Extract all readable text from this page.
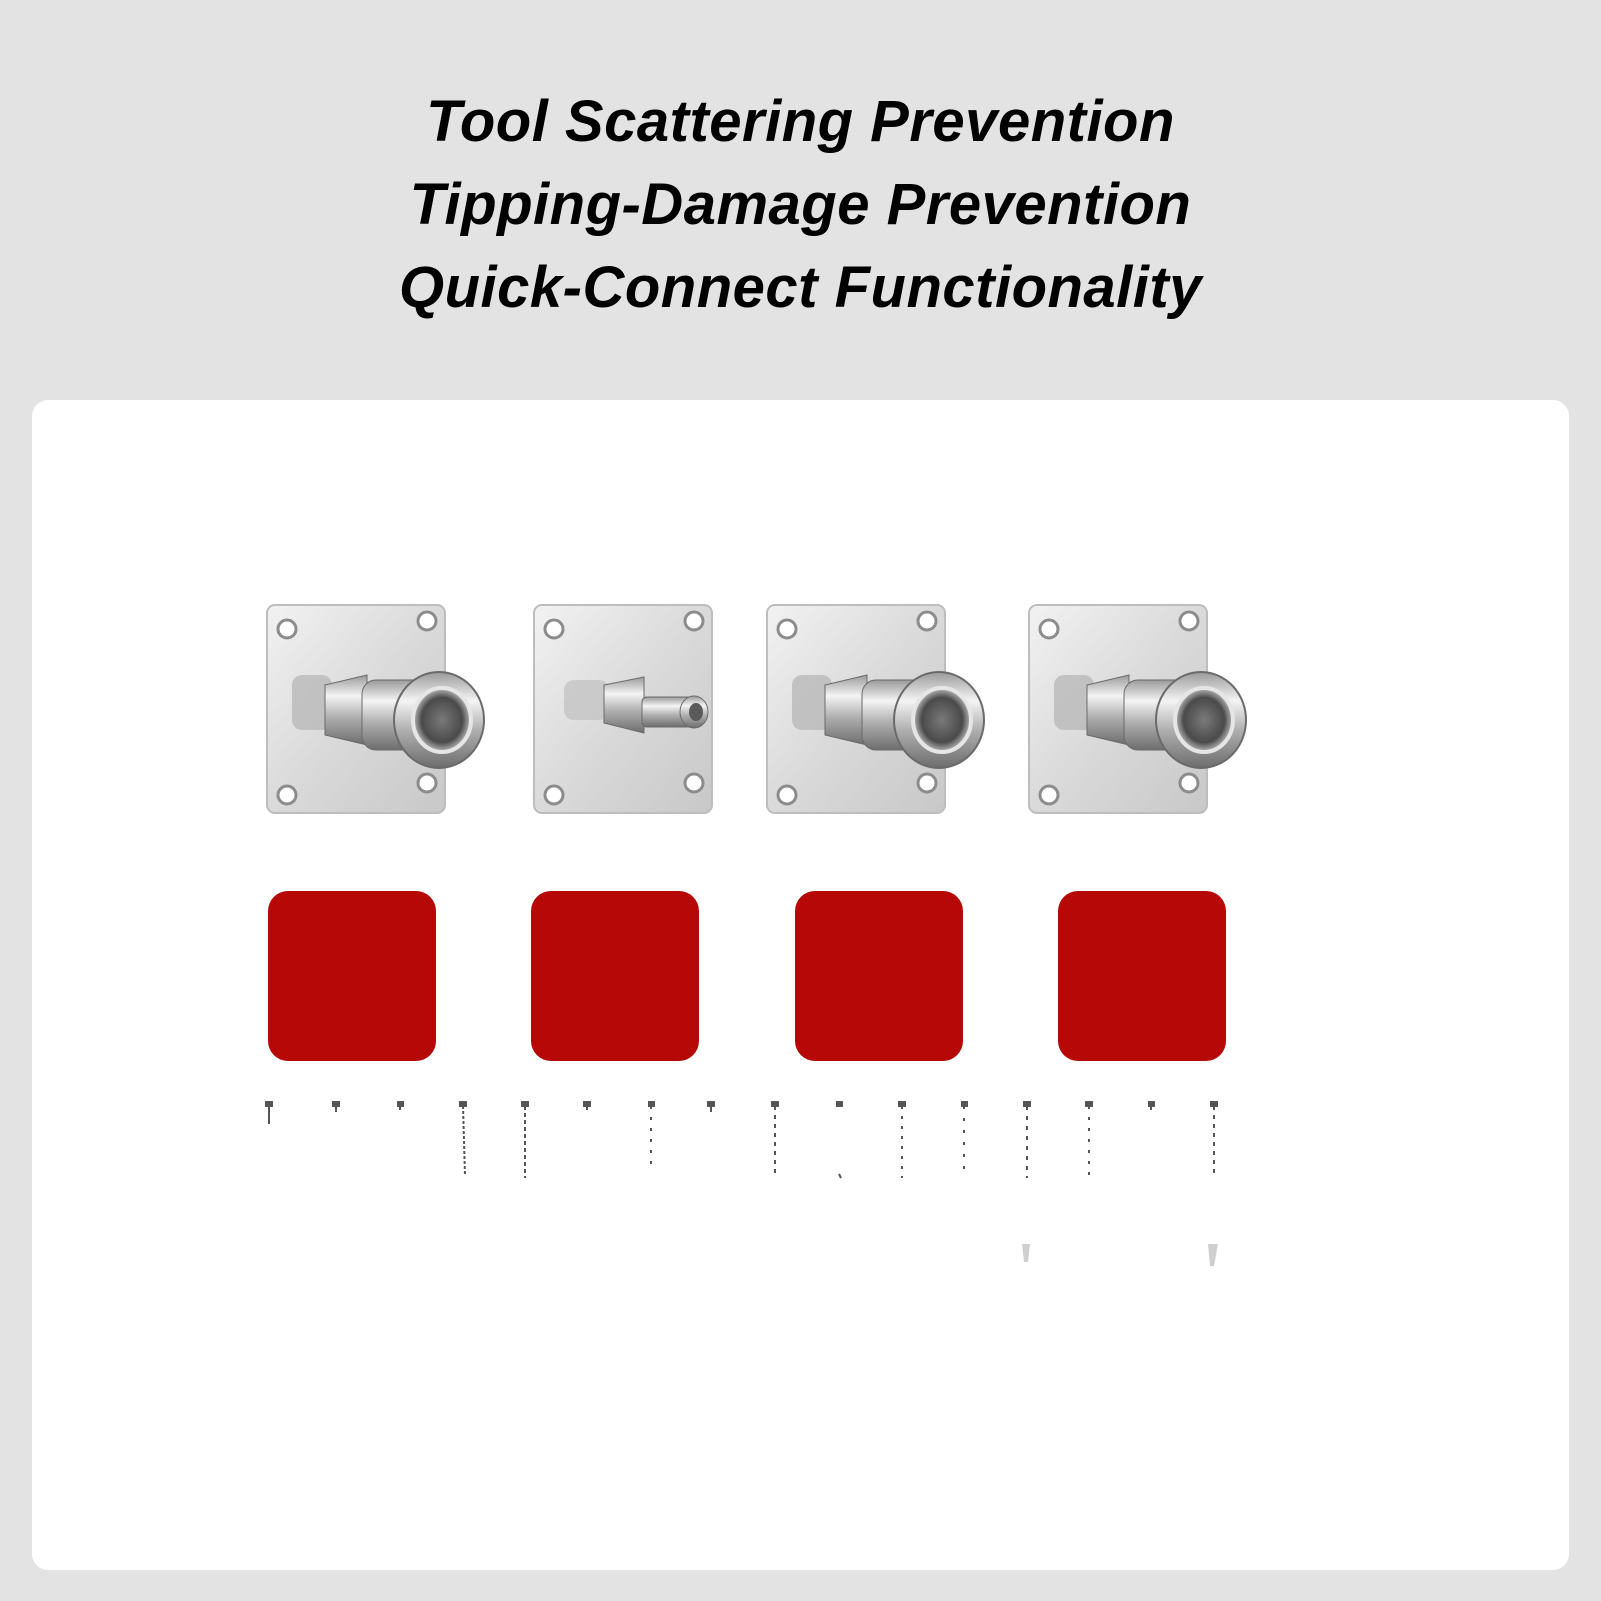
Tool Scattering Prevention
Tipping-Damage Prevention
Quick-Connect Functionality
